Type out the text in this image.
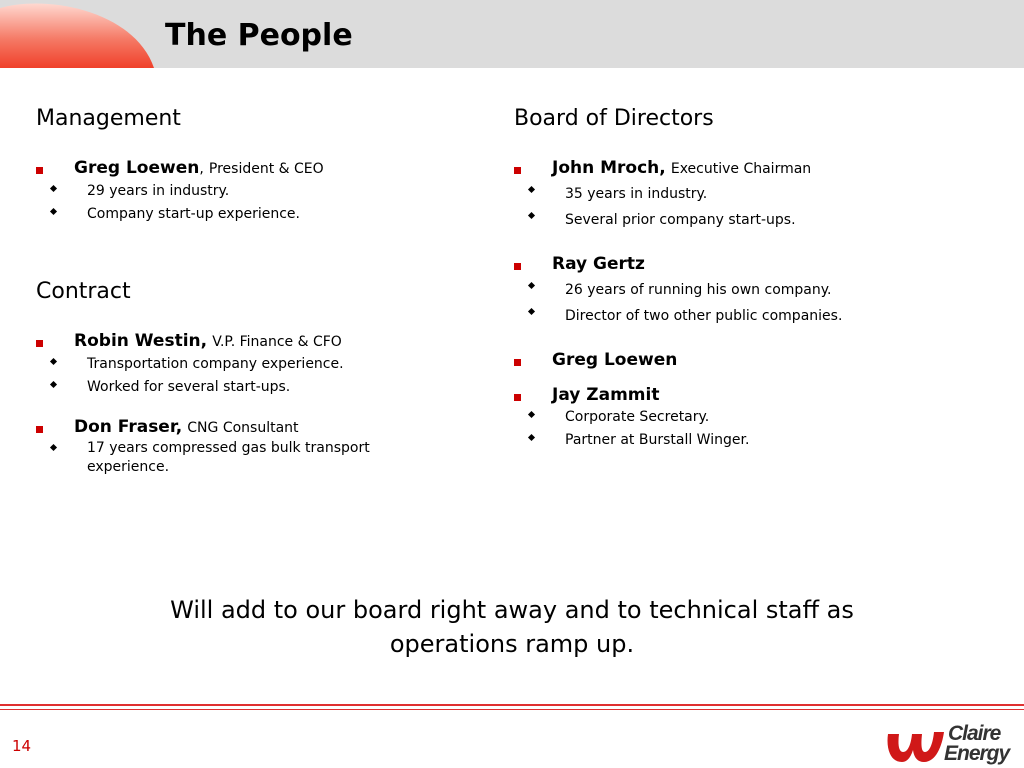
The People
Management
Greg Loewen, President & CEO
29 years in industry.
Company start-up experience.
Contract
Robin Westin, V.P. Finance & CFO
Transportation company experience.
Worked for several start-ups.
Don Fraser, CNG Consultant
17 years compressed gas bulk transport experience.
Board of Directors
John Mroch, Executive Chairman
35 years in industry.
Several prior company start-ups.
Ray Gertz
26 years of running his own company.
Director of two other public companies.
Greg Loewen
Jay Zammit
Corporate Secretary.
Partner at Burstall Winger.
Will add to our board right away and to technical staff as
operations ramp up.
14
Claire
Energy
